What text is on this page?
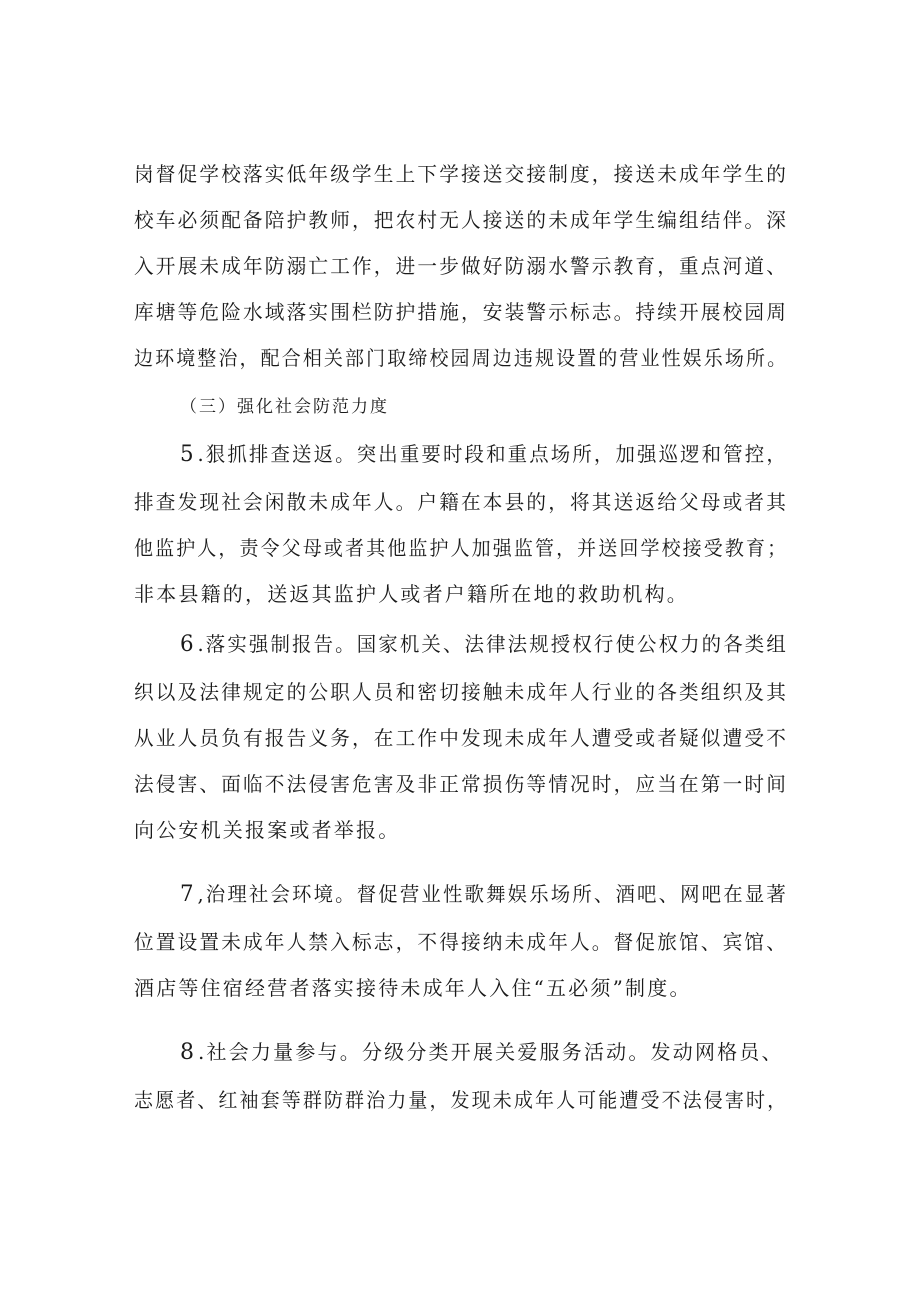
岗督促学校落实低年级学生上下学接送交接制度，接送未成年学生的
校车必须配备陪护教师，把农村无人接送的未成年学生编组结伴。深
入开展未成年防溺亡工作，进一步做好防溺水警示教育，重点河道、
库塘等危险水域落实围栏防护措施，安装警示标志。持续开展校园周
边环境整治，配合相关部门取缔校园周边违规设置的营业性娱乐场所。
（三）强化社会防范力度
5 .狠抓排查送返。突出重要时段和重点场所，加强巡逻和管控，
排查发现社会闲散未成年人。户籍在本县的，将其送返给父母或者其
他监护人，责令父母或者其他监护人加强监管，并送回学校接受教育；
非本县籍的，送返其监护人或者户籍所在地的救助机构。
6 .落实强制报告。国家机关、法律法规授权行使公权力的各类组
织以及法律规定的公职人员和密切接触未成年人行业的各类组织及其
从业人员负有报告义务，在工作中发现未成年人遭受或者疑似遭受不
法侵害、面临不法侵害危害及非正常损伤等情况时，应当在第一时间
向公安机关报案或者举报。
7 ,治理社会环境。督促营业性歌舞娱乐场所、酒吧、网吧在显著
位置设置未成年人禁入标志，不得接纳未成年人。督促旅馆、宾馆、
酒店等住宿经营者落实接待未成年人入住“五必须”制度。
8 .社会力量参与。分级分类开展关爱服务活动。发动网格员、
志愿者、红袖套等群防群治力量，发现未成年人可能遭受不法侵害时，
